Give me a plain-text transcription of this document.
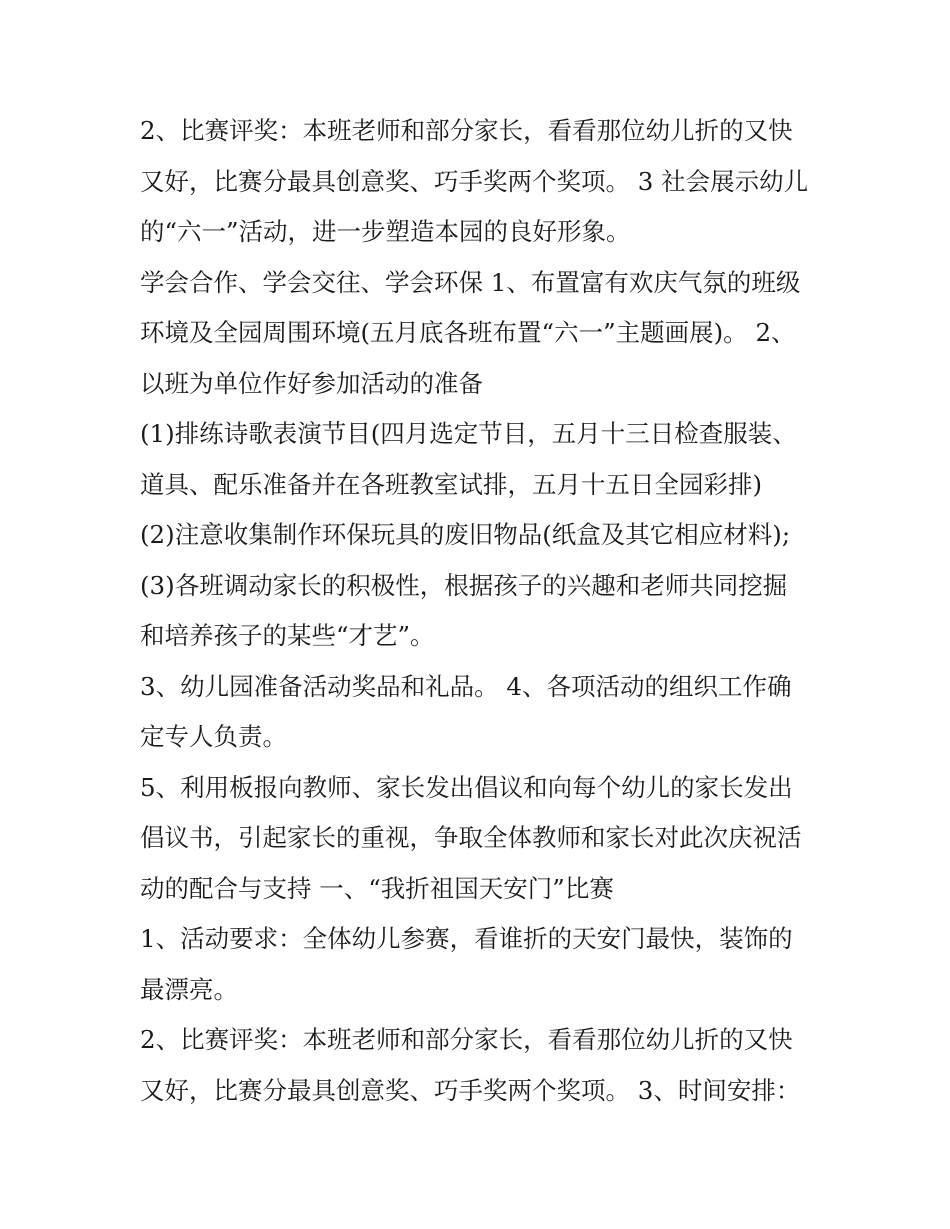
2、比赛评奖：本班老师和部分家长，看看那位幼儿折的又快
又好，比赛分最具创意奖、巧手奖两个奖项。 3 社会展示幼儿
的“六一”活动，进一步塑造本园的良好形象。
学会合作、学会交往、学会环保 1、布置富有欢庆气氛的班级
环境及全园周围环境(五月底各班布置“六一”主题画展)。 2、
以班为单位作好参加活动的准备
(1)排练诗歌表演节目(四月选定节目，五月十三日检查服装、
道具、配乐准备并在各班教室试排，五月十五日全园彩排)
(2)注意收集制作环保玩具的废旧物品(纸盒及其它相应材料);
(3)各班调动家长的积极性，根据孩子的兴趣和老师共同挖掘
和培养孩子的某些“才艺”。
3、幼儿园准备活动奖品和礼品。 4、各项活动的组织工作确
定专人负责。
5、利用板报向教师、家长发出倡议和向每个幼儿的家长发出
倡议书，引起家长的重视，争取全体教师和家长对此次庆祝活
动的配合与支持 一、“我折祖国天安门”比赛
1、活动要求：全体幼儿参赛，看谁折的天安门最快，装饰的
最漂亮。
2、比赛评奖：本班老师和部分家长，看看那位幼儿折的又快
又好，比赛分最具创意奖、巧手奖两个奖项。 3、时间安排：
